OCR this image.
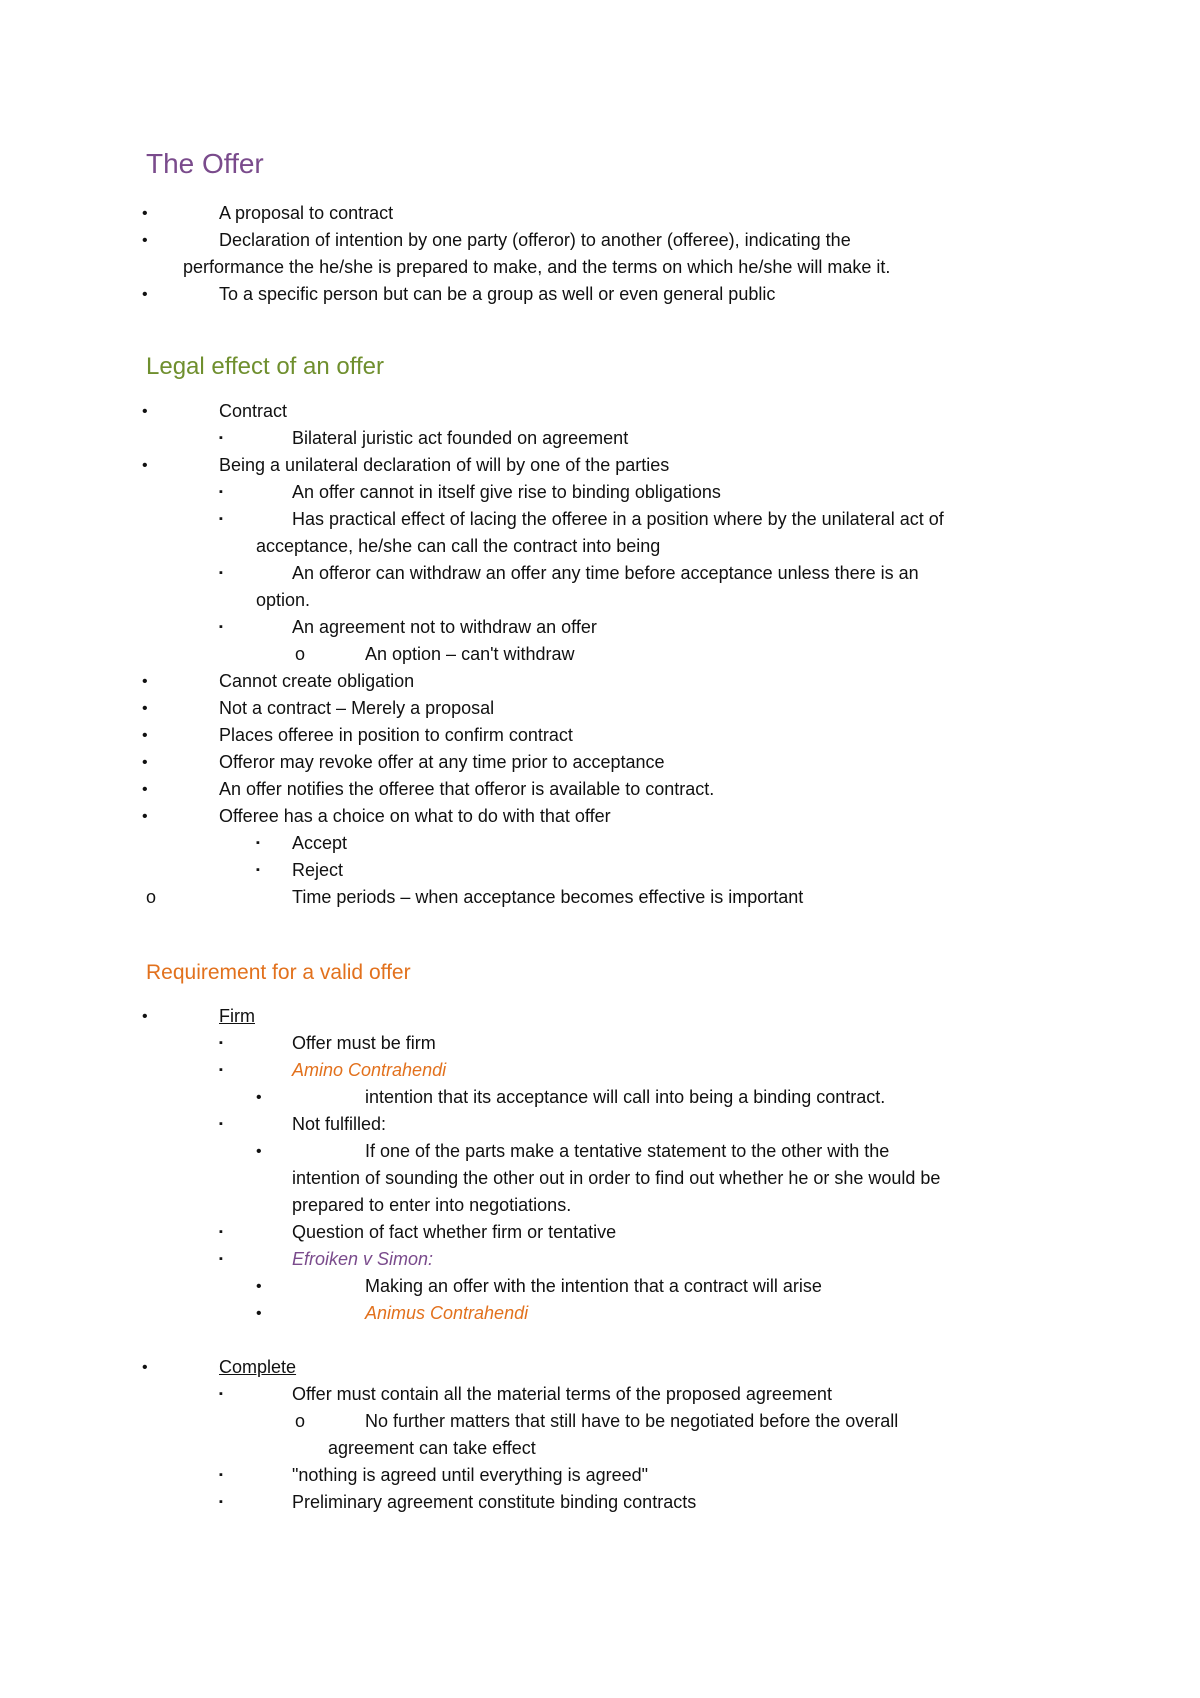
The Offer
Legal effect of an offer
Requirement for a valid offer
•	A proposal to contract
•	Declaration of intention by one party (offeror) to another (offeree), indicating the
performance the he/she is prepared to make, and the terms on which he/she will make it.
•	To a specific person but can be a group as well or even general public
•	Contract
▪	Bilateral juristic act founded on agreement
•	Being a unilateral declaration of will by one of the parties
▪	An offer cannot in itself give rise to binding obligations
▪	Has practical effect of lacing the offeree in a position where by the unilateral act of
acceptance, he/she can call the contract into being
▪	An offeror can withdraw an offer any time before acceptance unless there is an
option.
▪	An agreement not to withdraw an offer
o	An option – can't withdraw
•	Cannot create obligation
•	Not a contract – Merely a proposal
•	Places offeree in position to confirm contract
•	Offeror may revoke offer at any time prior to acceptance
•	An offer notifies the offeree that offeror is available to contract.
•	Offeree has a choice on what to do with that offer
▪ Accept
▪ Reject
o	Time periods – when acceptance becomes effective is important
•	Firm
▪	Offer must be firm
▪	Amino Contrahendi
•	intention that its acceptance will call into being a binding contract.
▪	Not fulfilled:
•	If one of the parts make a tentative statement to the other with the
intention of sounding the other out in order to find out whether he or she would be
prepared to enter into negotiations.
▪	Question of fact whether firm or tentative
▪	Efroiken v Simon:
•	Making an offer with the intention that a contract will arise
•	Animus Contrahendi
•	Complete
▪	Offer must contain all the material terms of the proposed agreement
o	No further matters that still have to be negotiated before the overall
agreement can take effect
▪	"nothing is agreed until everything is agreed"
▪	Preliminary agreement constitute binding contracts
